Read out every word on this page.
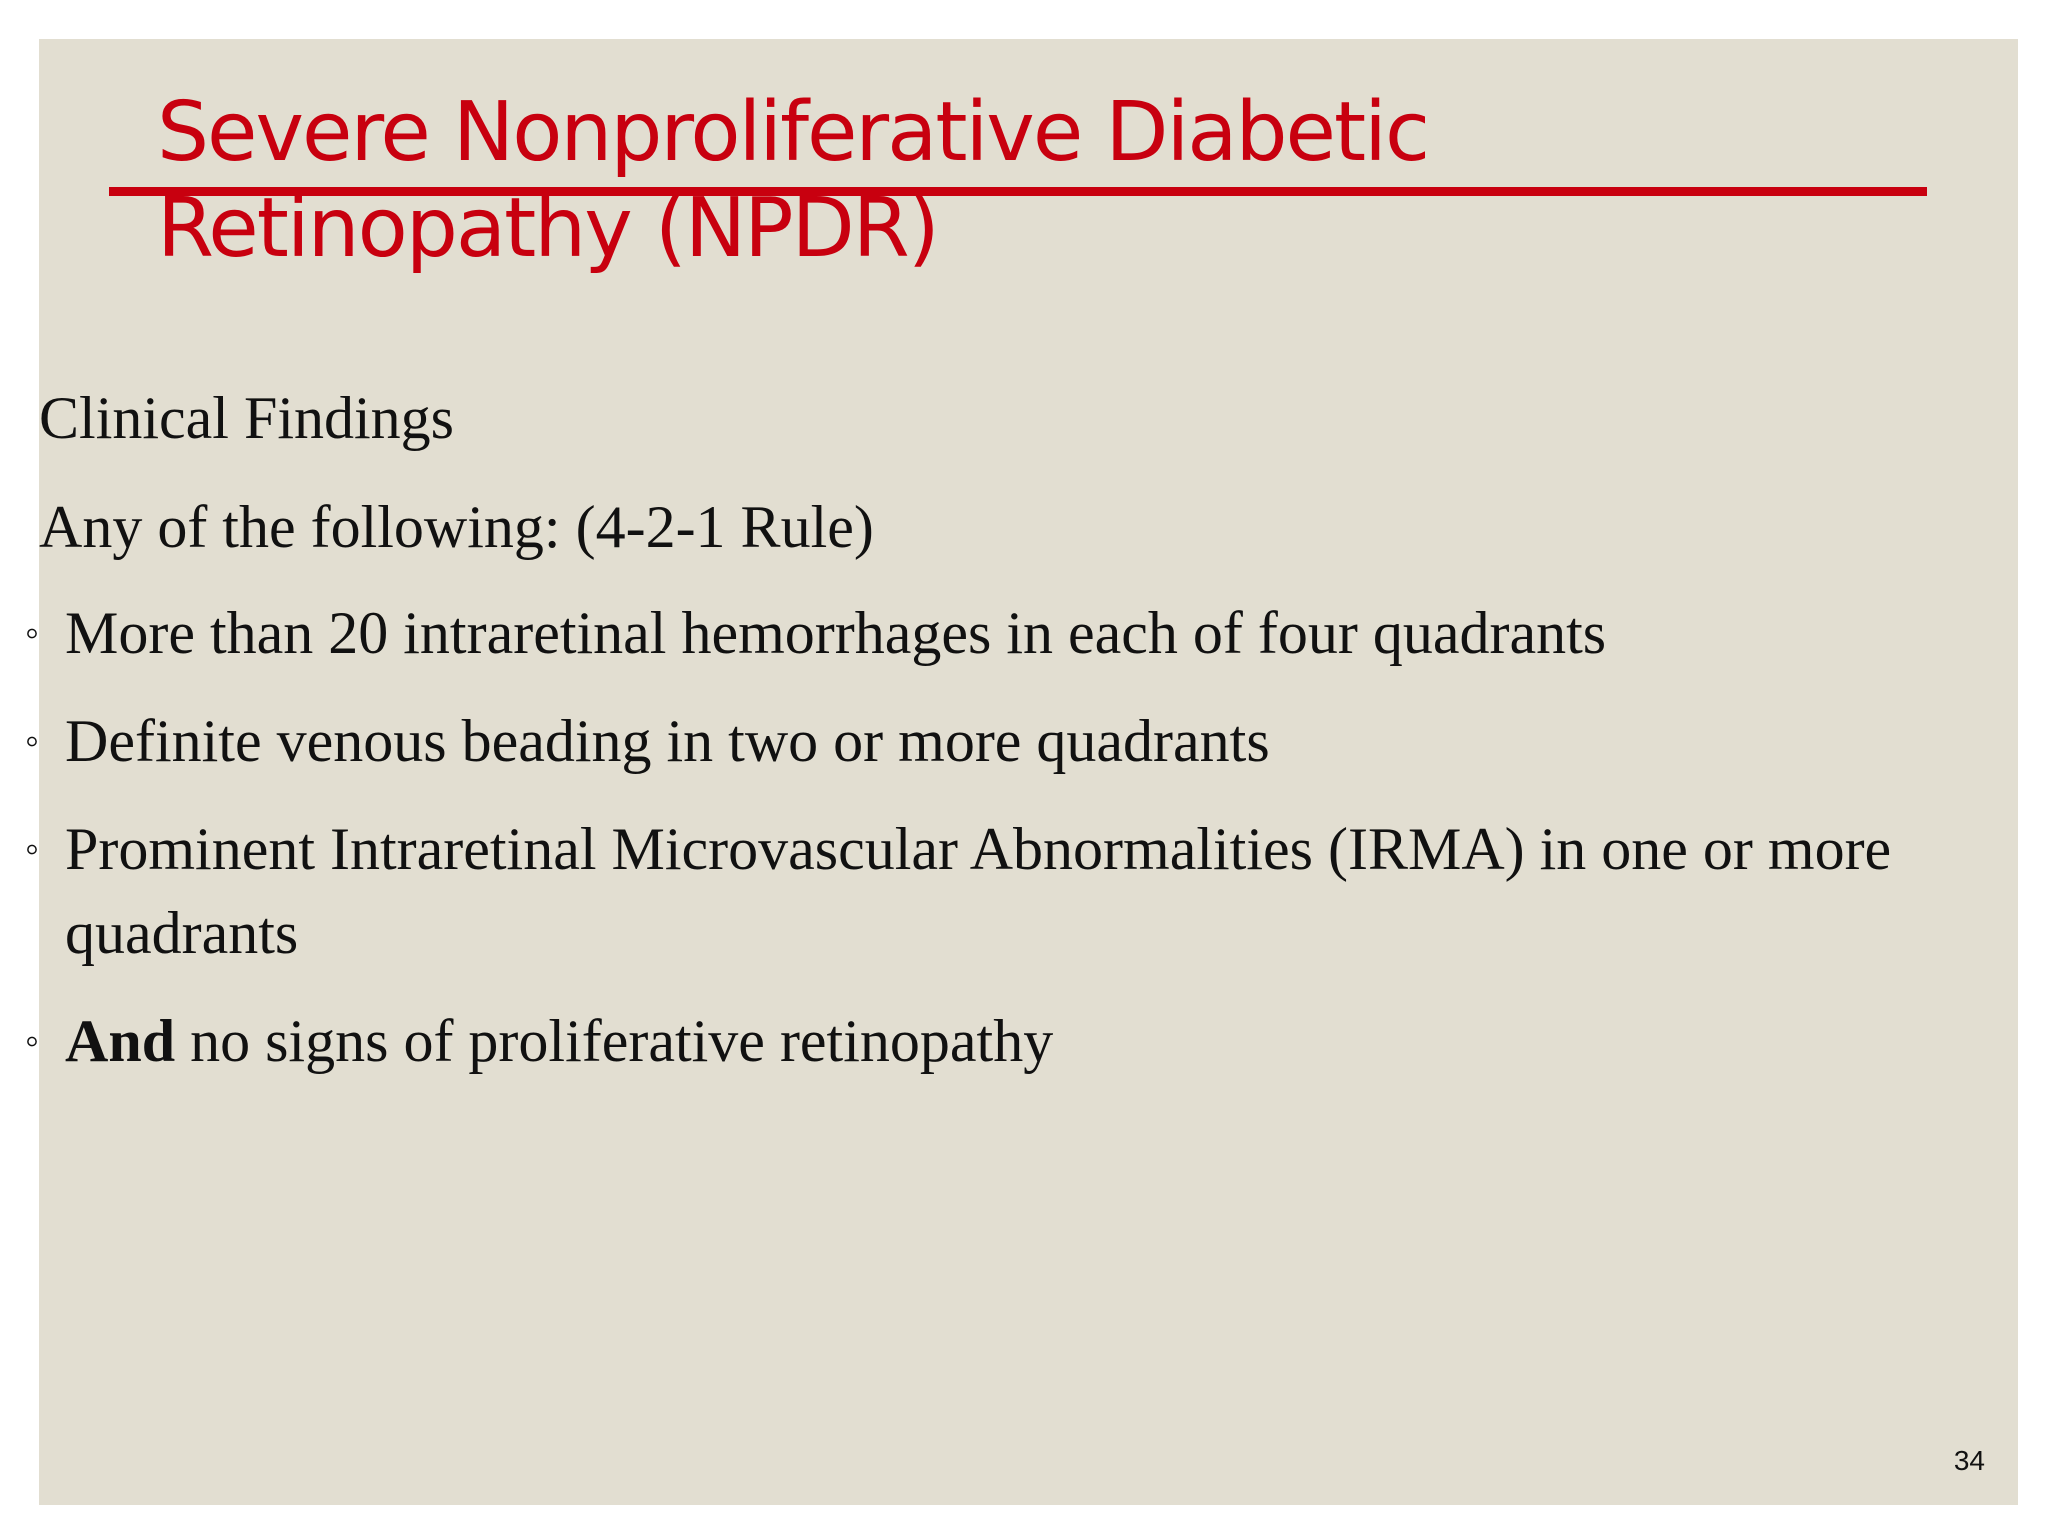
Severe Nonproliferative Diabetic Retinopathy (NPDR)

Clinical Findings

Any of the following: (4-2-1 Rule)

◦ More than 20 intraretinal hemorrhages in each of four quadrants
◦ Definite venous beading in two or more quadrants
◦ Prominent Intraretinal Microvascular Abnormalities (IRMA) in one or more quadrants
◦ And no signs of proliferative retinopathy
34
